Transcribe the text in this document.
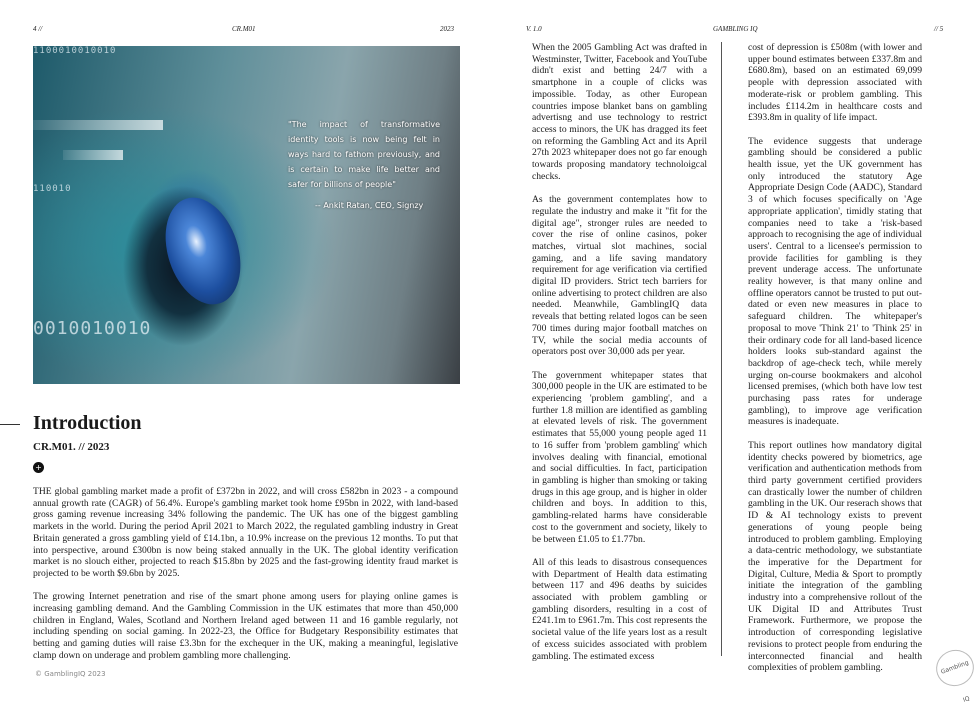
4 //	CR.M01	2023	V. 1.0	GAMBLING IQ	// 5
1100010010010
110010
0010010010
"The impact of transformative identity tools is now being felt in ways hard to fathom previously, and is certain to make life better and safer for billions of people"
-- Ankit Ratan, CEO, Signzy
Introduction
CR.M01. // 2023
+

THE global gambling market made a profit of £372bn in 2022, and will cross £582bn in 2023 - a compound annual growth rate (CAGR) of 56.4%. Europe's gambling market took home £95bn in 2022, with land-based gross gaming revenue increasing 34% following the pandemic. The UK has one of the biggest gambling markets in the world. During the period April 2021 to March 2022, the regulated gambling industry in Great Britain generated a gross gambling yield of £14.1bn, a 10.9% increase on the previous 12 months. To put that into perspective, around £300bn is now being staked annually in the UK. The global identity verification market is no slouch either, projected to reach $15.8bn by 2025 and the fast-growing identity fraud market is projected to be worth $9.6bn by 2025.

The growing Internet penetration and rise of the smart phone among users for playing online games is increasing gambling demand. And the Gambling Commission in the UK estimates that more than 450,000 children in England, Wales, Scotland and Northern Ireland aged between 11 and 16 gamble regularly, not including spending on social gaming. In 2022-23, the Office for Budgetary Responsibility estimates that betting and gaming duties will raise £3.3bn for the exchequer in the UK, making a meaningful, legislative clamp down on underage and problem gambling more challenging.

When the 2005 Gambling Act was drafted in Westminster, Twitter, Facebook and YouTube didn't exist and betting 24/7 with a smartphone in a couple of clicks was impossible. Today, as other European countries impose blanket bans on gambling advertisng and use technology to restrict access to minors, the UK has dragged its feet on reforming the Gambling Act and its April 27th 2023 whitepaper does not go far enough towards proposing mandatory technoloigcal checks.

As the government contemplates how to regulate the industry and make it "fit for the digital age", stronger rules are needed to cover the rise of online casinos, poker matches, virtual slot machines, social gaming, and a life saving mandatory requirement for age verification via certified digital ID providers. Strict tech barriers for online advertising to protect children are also needed. Meanwhile, GamblingIQ data reveals that betting related logos can be seen 700 times during major football matches on TV, while the social media accounts of operators post over 30,000 ads per year.

The government whitepaper states that 300,000 people in the UK are estimated to be experiencing 'problem gambling', and a further 1.8 million are identified as gambling at elevated levels of risk. The government estimates that 55,000 young people aged 11 to 16 suffer from 'problem gambling' which involves dealing with financial, emotional and social difficulties. In fact, participation in gambling is higher than smoking or taking drugs in this age group, and is higher in older children and boys. In addition to this, gambling-related harms have considerable cost to the government and society, likely to be between £1.05 to £1.77bn.

All of this leads to disastrous consequences with Department of Health data estimating between 117 and 496 deaths by suicides associated with problem gambling or gambling disorders, resulting in a cost of £241.1m to £961.7m. This cost represents the societal value of the life years lost as a result of excess suicides associated with problem gambling. The estimated excess

cost of depression is £508m (with lower and upper bound estimates between £337.8m and £680.8m), based on an estimated 69,099 people with depression associated with moderate-risk or problem gambling. This includes £114.2m in healthcare costs and £393.8m in quality of life impact.

The evidence suggests that underage gambling should be considered a public health issue, yet the UK government has only introduced the statutory Age Appropriate Design Code (AADC), Standard 3 of which focuses specifically on 'Age appropriate application', timidly stating that companies need to take a 'risk-based approach to recognising the age of individual users'. Central to a licensee's permission to provide facilities for gambling is they prevent underage access. The unfortunate reality however, is that many online and offline operators cannot be trusted to put out-dated or even new measures in place to safeguard children. The whitepaper's proposal to move 'Think 21' to 'Think 25' in their ordinary code for all land-based licence holders looks sub-standard against the backdrop of age-check tech, while merely urging on-course bookmakers and alcohol licensed premises, (which both have low test purchasing pass rates for underage gambling), to improve age verification measures is inadequate.

This report outlines how mandatory digital identity checks powered by biometrics, age verification and authentication methods from third party government certified providers can drastically lower the number of children gambling in the UK. Our reserach shows that ID & AI technology exists to prevent generations of young people being introduced to problem gambling. Employing a data-centric methodology, we substantiate the imperative for the Department for Digital, Culture, Media & Sport to promptly initiate the integration of the gambling industry into a comprehensive rollout of the UK Digital ID and Attributes Trust Framework. Furthermore, we propose the introduction of corresponding legislative revisions to protect people from enduring the interconnected financial and health complexities of problem gambling.

© GamblingIQ 2023	Gambling IQ
